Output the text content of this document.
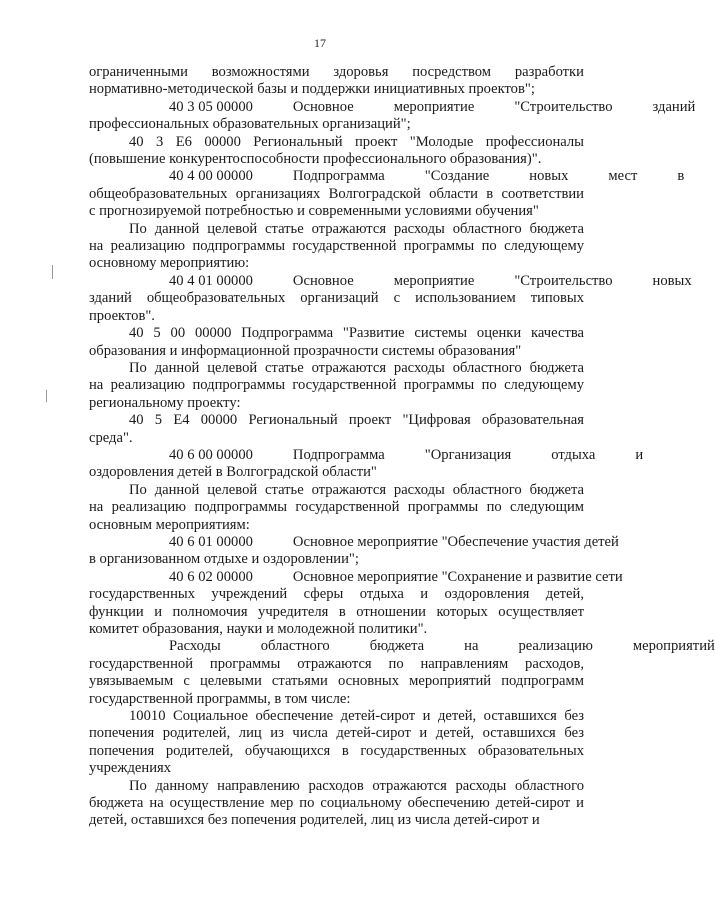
17
ограниченными возможностями здоровья посредством разработки
нормативно-методической базы и поддержки инициативных проектов";
40 3 05 00000	Основное	мероприятие	"Строительство	зданий
профессиональных образовательных организаций";
40 3 Е6 00000 Региональный проект "Молодые профессионалы
(повышение конкурентоспособности профессионального образования)".
40 4 00 00000	Подпрограмма	"Создание	новых	мест	в
общеобразовательных организациях Волгоградской области в соответствии
с прогнозируемой потребностью и современными условиями обучения"
По данной целевой статье отражаются расходы областного бюджета
на реализацию подпрограммы государственной программы по следующему
основному мероприятию:
40 4 01 00000	Основное	мероприятие	"Строительство	новых
зданий общеобразовательных организаций с использованием типовых
проектов".
40 5 00 00000 Подпрограмма "Развитие системы оценки качества
образования и информационной прозрачности системы образования"
По данной целевой статье отражаются расходы областного бюджета
на реализацию подпрограммы государственной программы по следующему
региональному проекту:
40 5 Е4 00000 Региональный проект "Цифровая образовательная
среда".
40 6 00 00000	Подпрограмма	"Организация	отдыха	и
оздоровления детей в Волгоградской области"
По данной целевой статье отражаются расходы областного бюджета
на реализацию подпрограммы государственной программы по следующим
основным мероприятиям:
40 6 01 00000	Основное мероприятие "Обеспечение участия детей
в организованном отдыхе и оздоровлении";
40 6 02 00000	Основное мероприятие "Сохранение и развитие сети
государственных учреждений сферы отдыха и оздоровления детей,
функции и полномочия учредителя в отношении которых осуществляет
комитет образования, науки и молодежной политики".
Расходы	областного	бюджета	на	реализацию	мероприятий
государственной программы отражаются по направлениям расходов,
увязываемым с целевыми статьями основных мероприятий подпрограмм
государственной программы, в том числе:
10010 Социальное обеспечение детей-сирот и детей, оставшихся без
попечения родителей, лиц из числа детей-сирот и детей, оставшихся без
попечения родителей, обучающихся в государственных образовательных
учреждениях
По данному направлению расходов отражаются расходы областного
бюджета на осуществление мер по социальному обеспечению детей-сирот и
детей, оставшихся без попечения родителей, лиц из числа детей-сирот и
